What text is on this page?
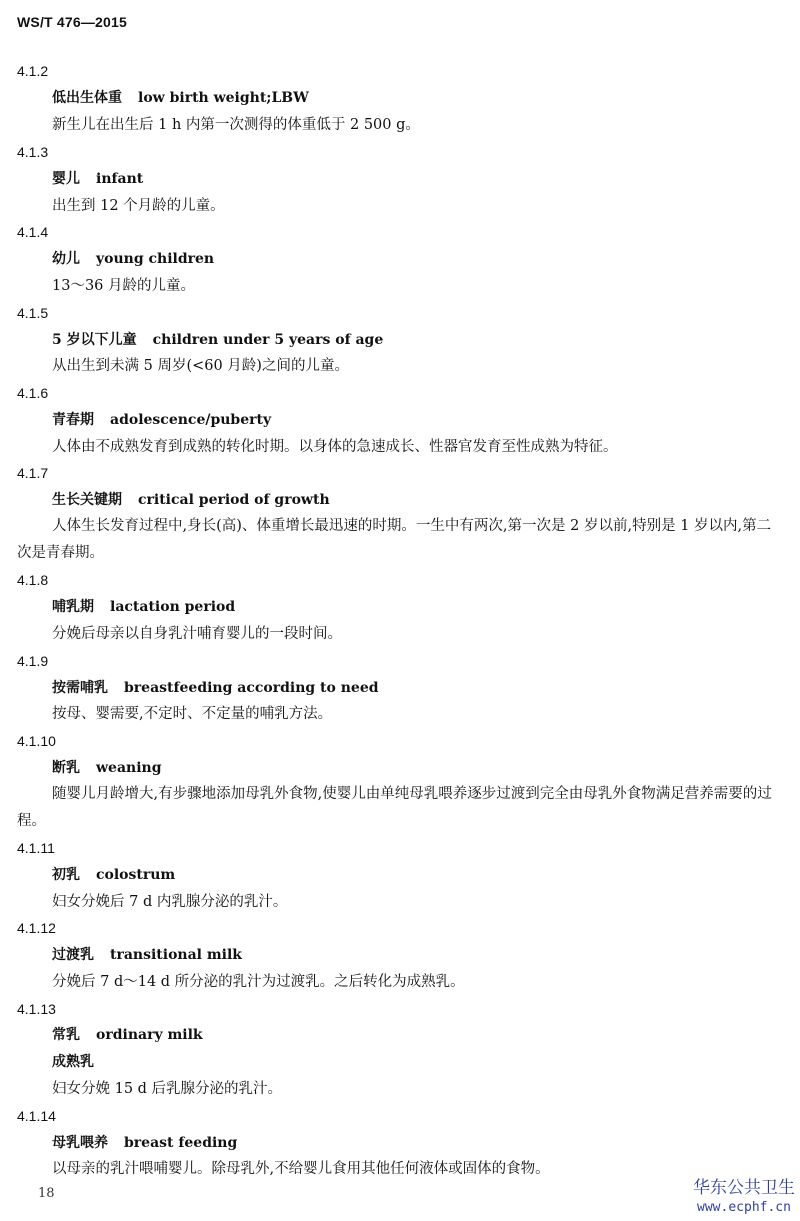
WS/T 476—2015
4.1.2
低出生体重 low birth weight;LBW
新生儿在出生后 1 h 内第一次测得的体重低于 2 500 g。
4.1.3
婴儿 infant
出生到 12 个月龄的儿童。
4.1.4
幼儿 young children
13～36 月龄的儿童。
4.1.5
5 岁以下儿童 children under 5 years of age
从出生到未满 5 周岁(<60 月龄)之间的儿童。
4.1.6
青春期 adolescence/puberty
人体由不成熟发育到成熟的转化时期。以身体的急速成长、性器官发育至性成熟为特征。
4.1.7
生长关键期 critical period of growth
人体生长发育过程中,身长(高)、体重增长最迅速的时期。一生中有两次,第一次是 2 岁以前,特别是 1 岁以内,第二次是青春期。
4.1.8
哺乳期 lactation period
分娩后母亲以自身乳汁哺育婴儿的一段时间。
4.1.9
按需哺乳 breastfeeding according to need
按母、婴需要,不定时、不定量的哺乳方法。
4.1.10
断乳 weaning
随婴儿月龄增大,有步骤地添加母乳外食物,使婴儿由单纯母乳喂养逐步过渡到完全由母乳外食物满足营养需要的过程。
4.1.11
初乳 colostrum
妇女分娩后 7 d 内乳腺分泌的乳汁。
4.1.12
过渡乳 transitional milk
分娩后 7 d～14 d 所分泌的乳汁为过渡乳。之后转化为成熟乳。
4.1.13
常乳 ordinary milk
成熟乳
妇女分娩 15 d 后乳腺分泌的乳汁。
4.1.14
母乳喂养 breast feeding
以母亲的乳汁喂哺婴儿。除母乳外,不给婴儿食用其他任何液体或固体的食物。
18	华东公共卫生
www.ecphf.cn
